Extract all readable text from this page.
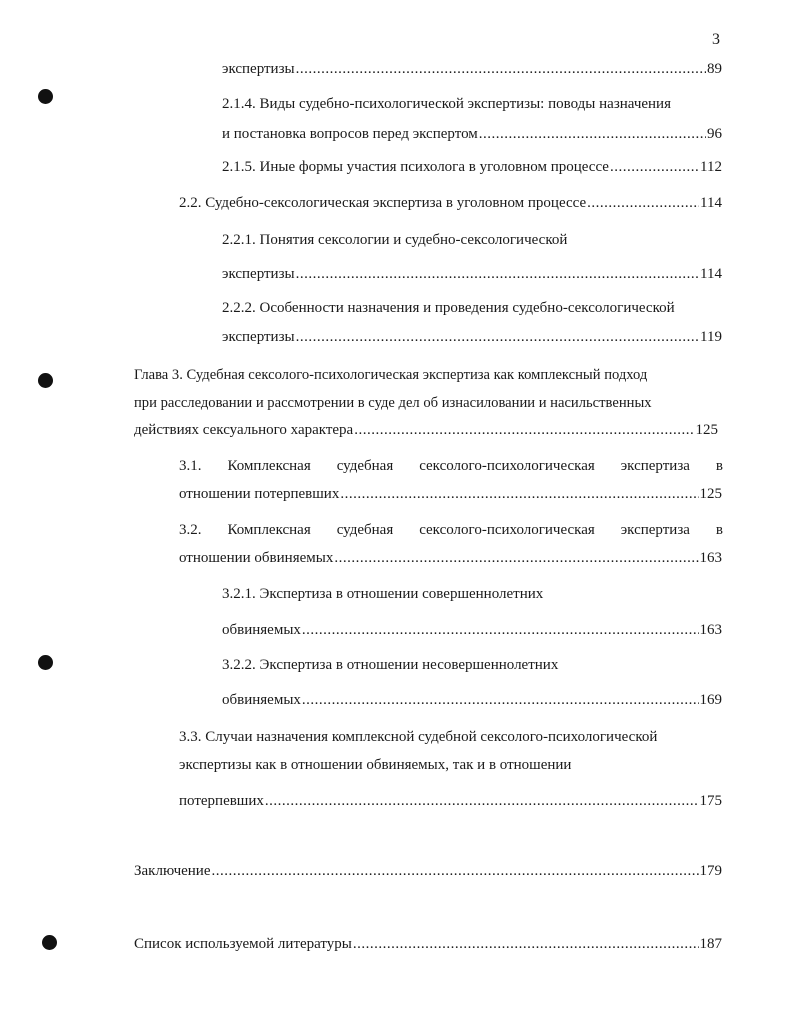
3
экспертизы .....	89
2.1.4. Виды судебно-психологической экспертизы: поводы назначения
и постановка вопросов перед экспертом .....	96
2.1.5. Иные формы участия психолога в уголовном процессе .....	112
2.2. Судебно-сексологическая экспертиза в уголовном процессе .....	114
2.2.1. Понятия сексологии и судебно-сексологической
экспертизы .....	114
2.2.2. Особенности назначения и проведения судебно-сексологической
экспертизы .....	119
Глава 3. Судебная сексолого-психологическая экспертиза как комплексный подход
при расследовании и рассмотрении в суде дел об изнасиловании и насильственных
действиях сексуального характера .....	125
3.1. Комплексная судебная сексолого-психологическая экспертиза в
отношении потерпевших .....	125
3.2. Комплексная судебная сексолого-психологическая экспертиза в
отношении обвиняемых .....	163
3.2.1. Экспертиза в отношении совершеннолетних
обвиняемых .....	163
3.2.2. Экспертиза в отношении несовершеннолетних
обвиняемых .....	169
3.3. Случаи назначения комплексной судебной сексолого-психологической
экспертизы как в отношении обвиняемых, так и в отношении
потерпевших .....	175
Заключение .....	179
Список используемой литературы .....	187
